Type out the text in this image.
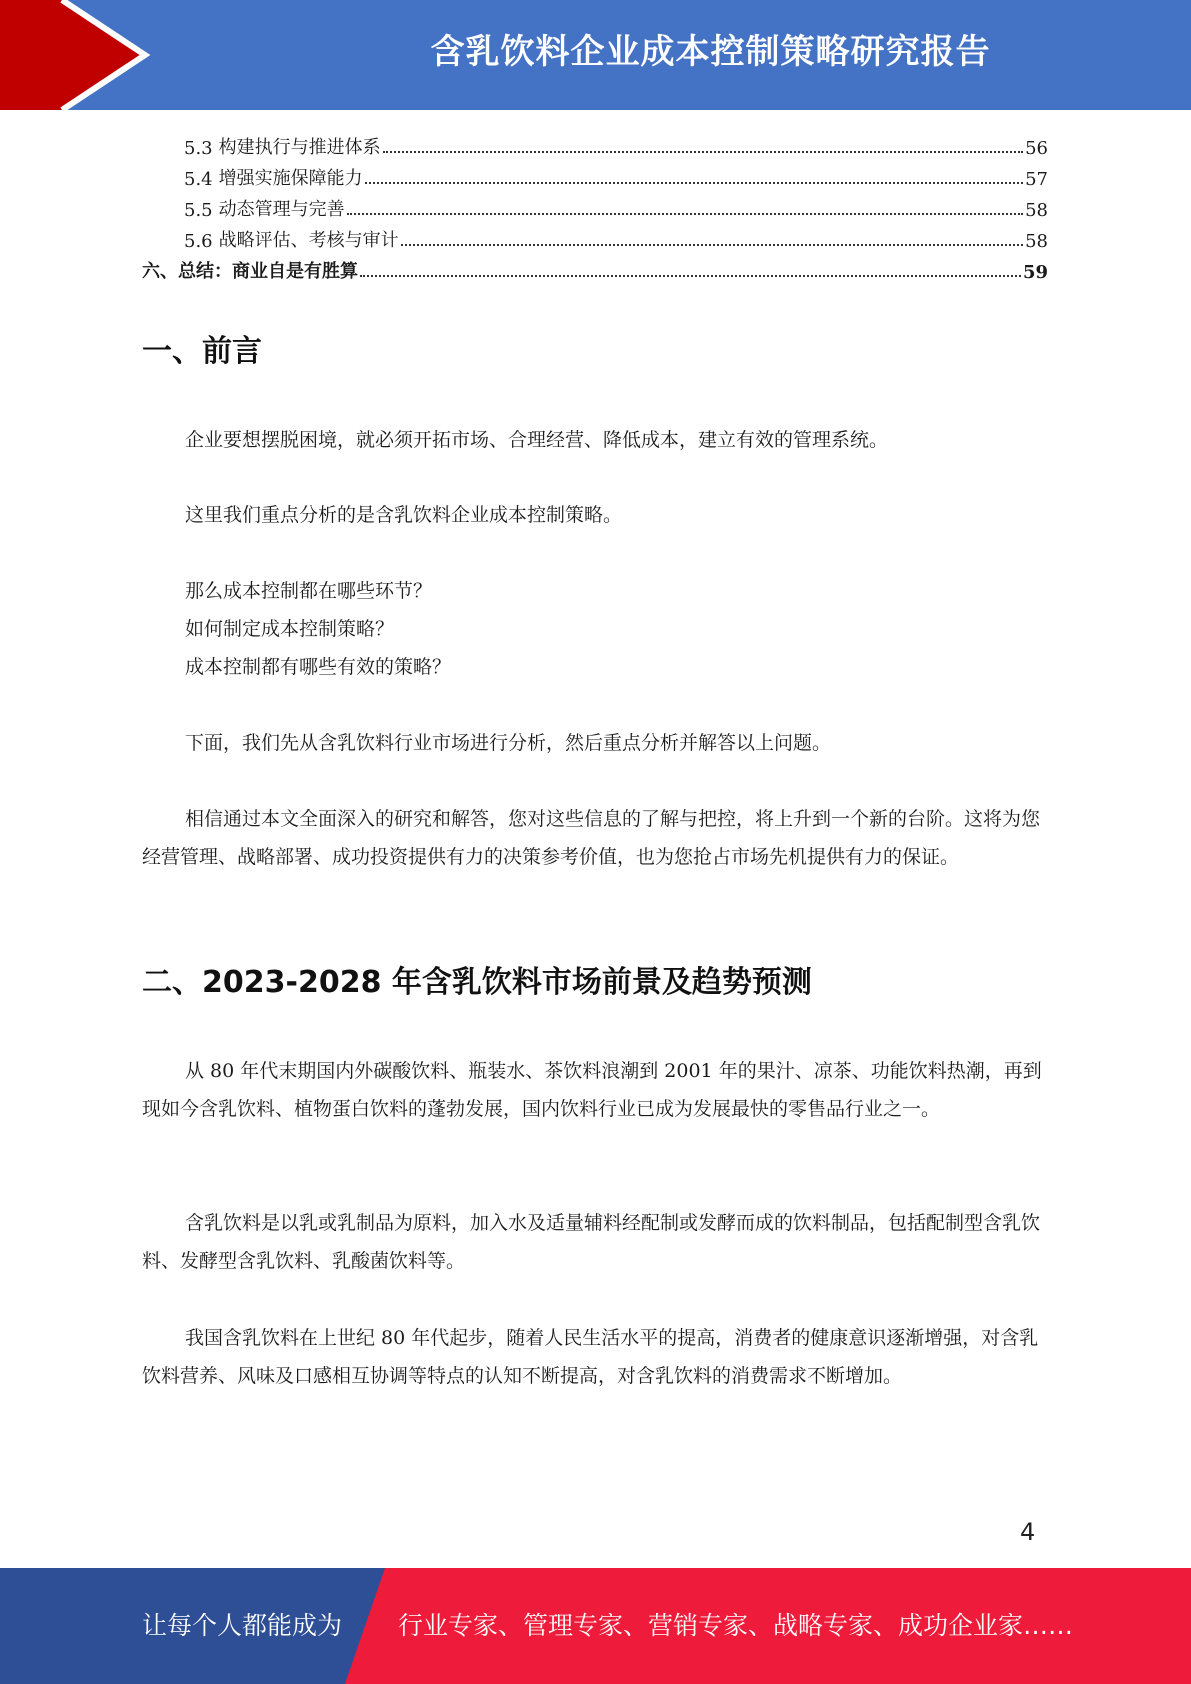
含乳饮料企业成本控制策略研究报告
5.3 构建执行与推进体系	56
5.4 增强实施保障能力	57
5.5 动态管理与完善	58
5.6 战略评估、考核与审计	58
六、总结：商业自是有胜算	59
一、前言

企业要想摆脱困境，就必须开拓市场、合理经营、降低成本，建立有效的管理系统。

这里我们重点分析的是含乳饮料企业成本控制策略。

那么成本控制都在哪些环节？

如何制定成本控制策略？

成本控制都有哪些有效的策略？

下面，我们先从含乳饮料行业市场进行分析，然后重点分析并解答以上问题。

相信通过本文全面深入的研究和解答，您对这些信息的了解与把控，将上升到一个新的台阶。这将为您经营管理、战略部署、成功投资提供有力的决策参考价值，也为您抢占市场先机提供有力的保证。

二、2023-2028 年含乳饮料市场前景及趋势预测

从 80 年代末期国内外碳酸饮料、瓶装水、茶饮料浪潮到 2001 年的果汁、凉茶、功能饮料热潮，再到现如今含乳饮料、植物蛋白饮料的蓬勃发展，国内饮料行业已成为发展最快的零售品行业之一。

含乳饮料是以乳或乳制品为原料，加入水及适量辅料经配制或发酵而成的饮料制品，包括配制型含乳饮料、发酵型含乳饮料、乳酸菌饮料等。

我国含乳饮料在上世纪 80 年代起步，随着人民生活水平的提高，消费者的健康意识逐渐增强，对含乳饮料营养、风味及口感相互协调等特点的认知不断提高，对含乳饮料的消费需求不断增加。

4
让每个人都能成为 行业专家、管理专家、营销专家、战略专家、成功企业家……
